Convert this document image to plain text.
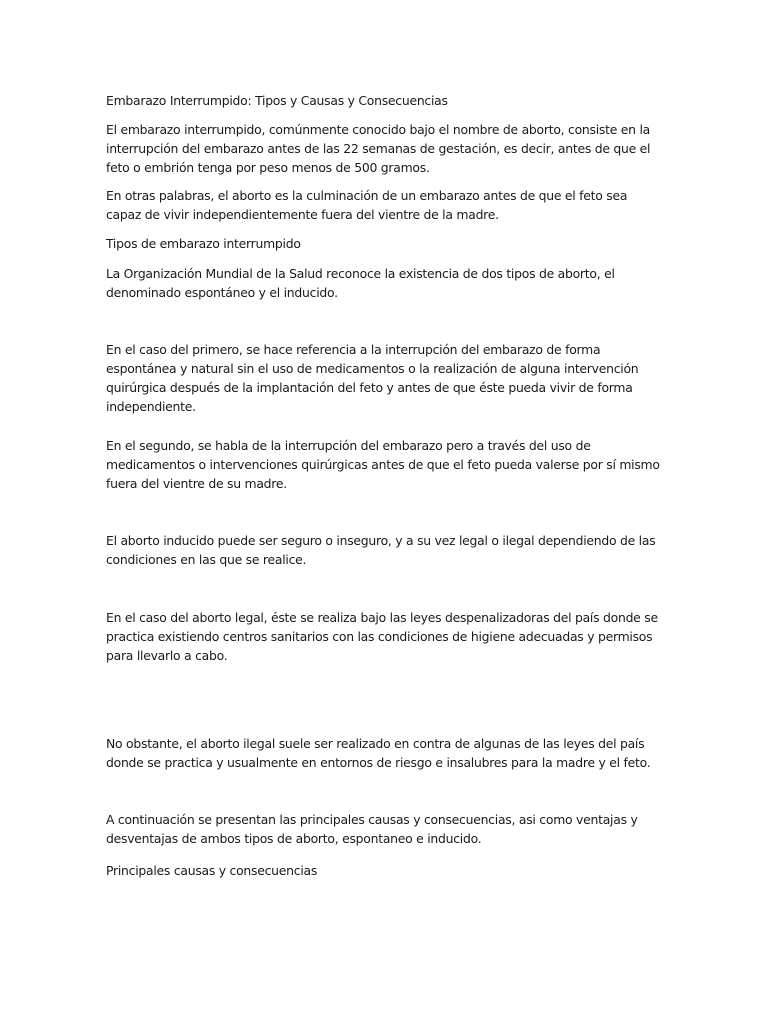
Embarazo Interrumpido: Tipos y Causas y Consecuencias

El embarazo interrumpido, comúnmente conocido bajo el nombre de aborto, consiste en la interrupción del embarazo antes de las 22 semanas de gestación, es decir, antes de que el feto o embrión tenga por peso menos de 500 gramos.

En otras palabras, el aborto es la culminación de un embarazo antes de que el feto sea capaz de vivir independientemente fuera del vientre de la madre.

Tipos de embarazo interrumpido

La Organización Mundial de la Salud reconoce la existencia de dos tipos de aborto, el denominado espontáneo y el inducido.

En el caso del primero, se hace referencia a la interrupción del embarazo de forma espontánea y natural sin el uso de medicamentos o la realización de alguna intervención quirúrgica después de la implantación del feto y antes de que éste pueda vivir de forma independiente.

En el segundo, se habla de la interrupción del embarazo pero a través del uso de medicamentos o intervenciones quirúrgicas antes de que el feto pueda valerse por sí mismo fuera del vientre de su madre.

El aborto inducido puede ser seguro o inseguro, y a su vez legal o ilegal dependiendo de las condiciones en las que se realice.

En el caso del aborto legal, éste se realiza bajo las leyes despenalizadoras del país donde se practica existiendo centros sanitarios con las condiciones de higiene adecuadas y permisos para llevarlo a cabo.

No obstante, el aborto ilegal suele ser realizado en contra de algunas de las leyes del país donde se practica y usualmente en entornos de riesgo e insalubres para la madre y el feto.

A continuación se presentan las principales causas y consecuencias, asi como ventajas y desventajas de ambos tipos de aborto, espontaneo e inducido.

Principales causas y consecuencias
